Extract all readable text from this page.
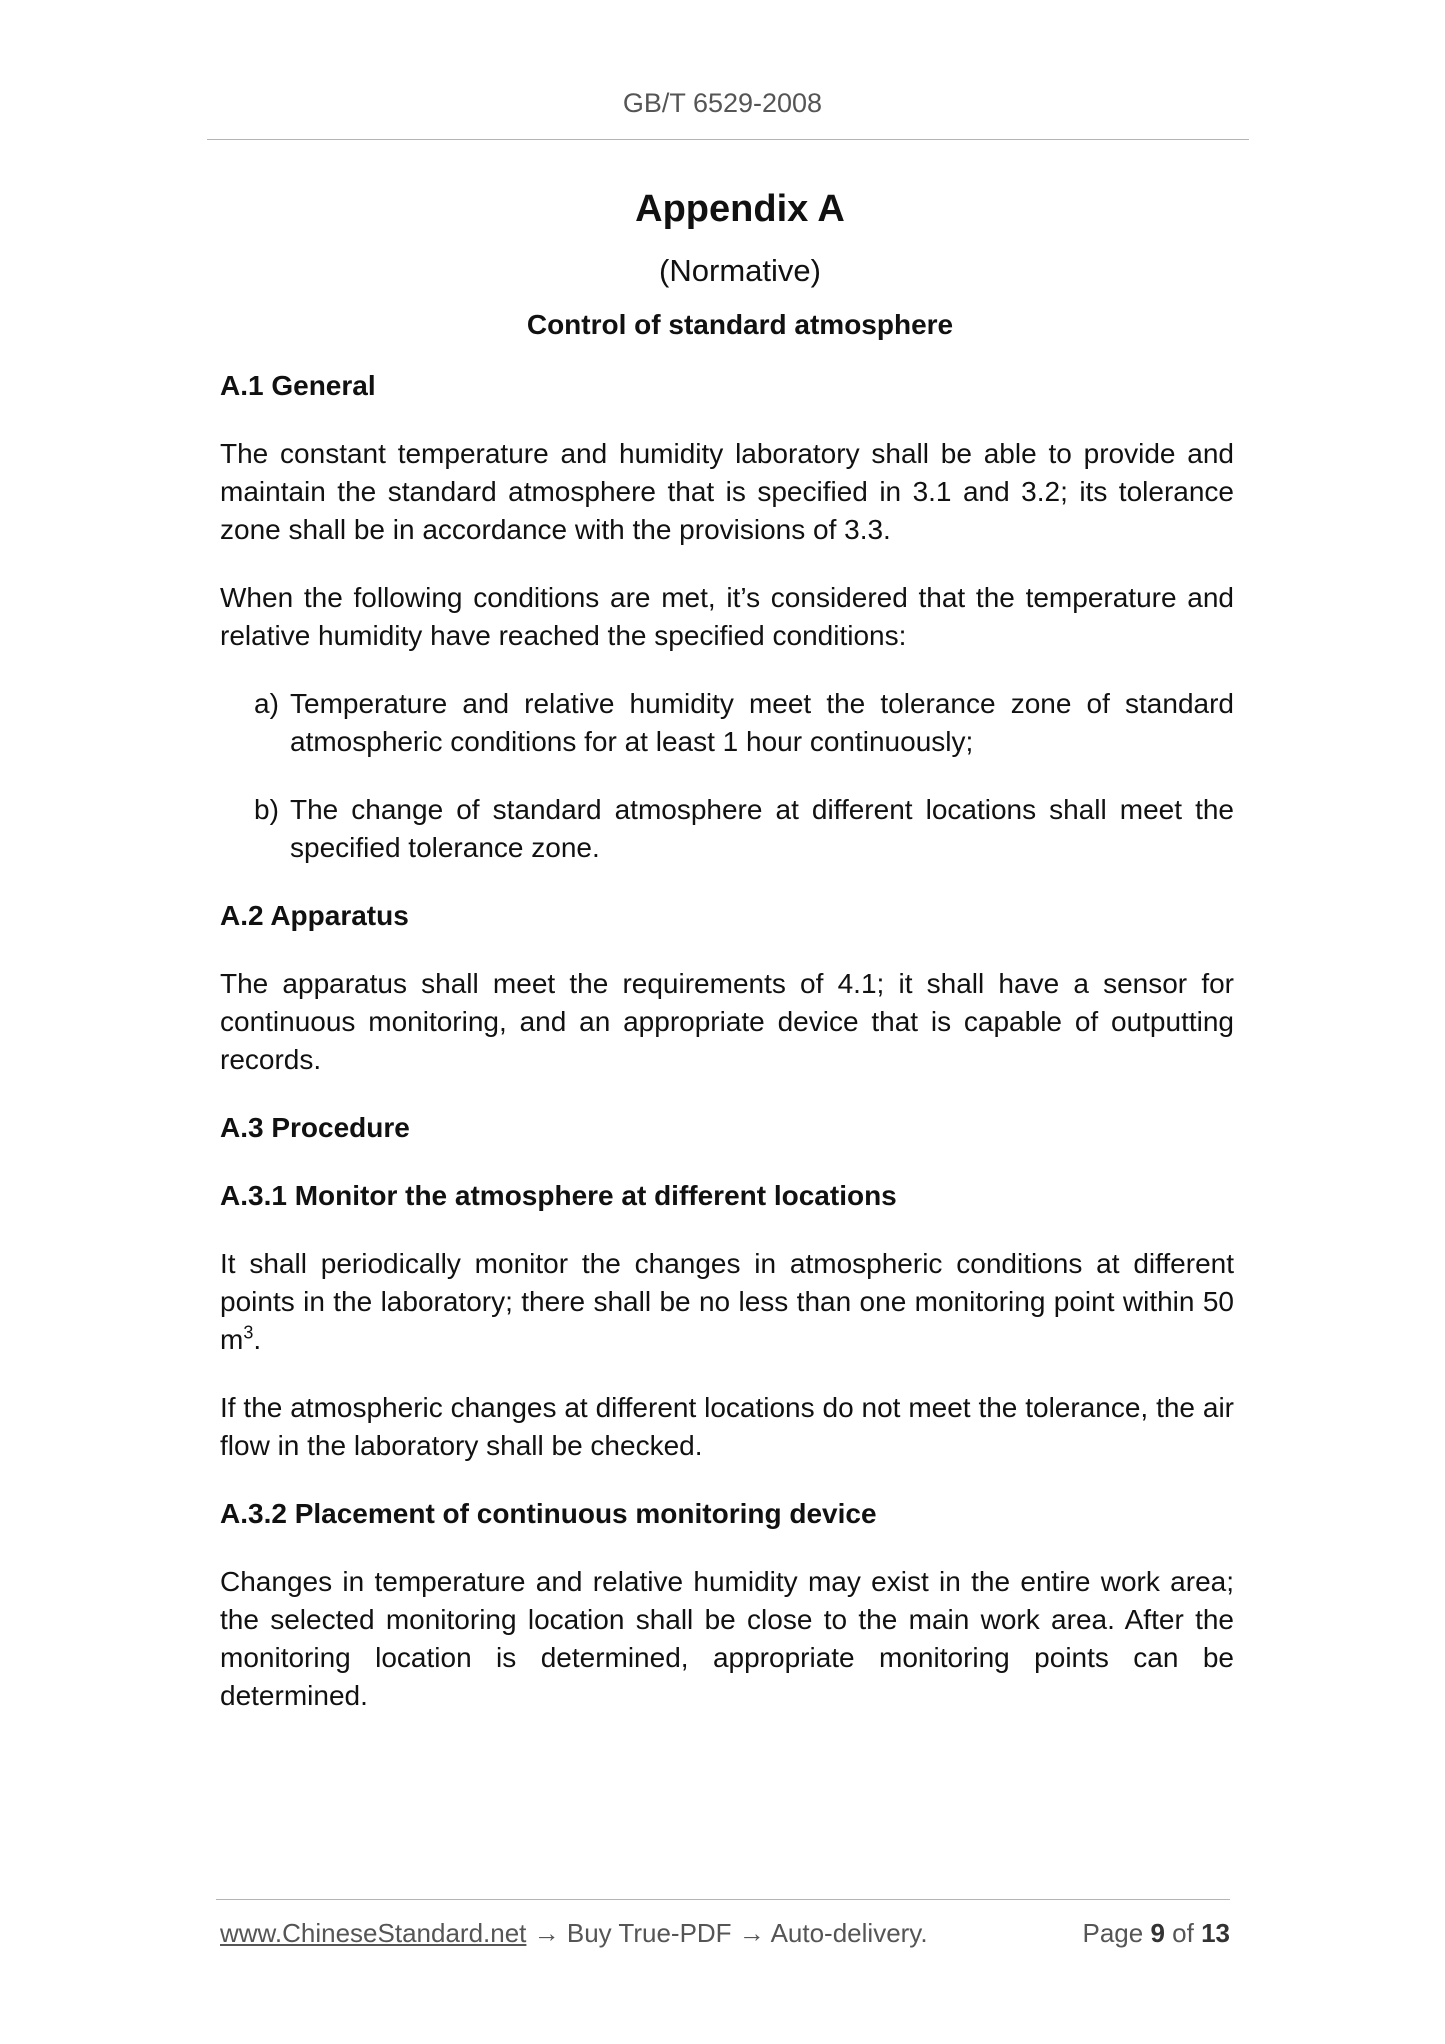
GB/T 6529-2008
Appendix A
(Normative)
Control of standard atmosphere
A.1 General

The constant temperature and humidity laboratory shall be able to provide and maintain the standard atmosphere that is specified in 3.1 and 3.2; its tolerance zone shall be in accordance with the provisions of 3.3.

When the following conditions are met, it’s considered that the temperature and relative humidity have reached the specified conditions:

a) Temperature and relative humidity meet the tolerance zone of standard atmospheric conditions for at least 1 hour continuously;
b) The change of standard atmosphere at different locations shall meet the specified tolerance zone.
A.2 Apparatus

The apparatus shall meet the requirements of 4.1; it shall have a sensor for continuous monitoring, and an appropriate device that is capable of outputting records.

A.3 Procedure
A.3.1 Monitor the atmosphere at different locations

It shall periodically monitor the changes in atmospheric conditions at different points in the laboratory; there shall be no less than one monitoring point within 50 $m^3$.

If the atmospheric changes at different locations do not meet the tolerance, the air flow in the laboratory shall be checked.

A.3.2 Placement of continuous monitoring device

Changes in temperature and relative humidity may exist in the entire work area; the selected monitoring location shall be close to the main work area. After the monitoring location is determined, appropriate monitoring points can be determined.

www.ChineseStandard.net → Buy True-PDF → Auto-delivery.	Page 9 of 13
